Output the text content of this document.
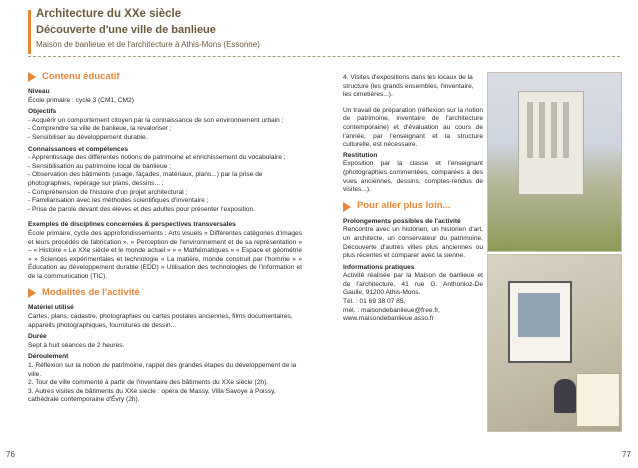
Architecture du XXe siècle
Découverte d'une ville de banlieue
Maison de banlieue et de l'architecture à Athis-Mons (Essonne)
Contenu éducatif

Niveau

École primaire : cycle 3 (CM1, CM2)

Objectifs

- Acquérir un comportement citoyen par la connaissance de son environnement urbain ;

- Comprendre sa ville de banlieue, la revaloriser ;

- Sensibiliser au développement durable.

Connaissances et compétences

- Apprentissage des différentes notions de patrimoine et enrichissement du vocabulaire ;

- Sensibilisation au patrimoine local de banlieue ;

- Observation des bâtiments (usage, façades, matériaux, plans...) par la prise de photographies, repérage sur plans, dessins... ;

- Compréhension de l'histoire d'un projet architectural ;

- Familiarisation avec les méthodes scientifiques d'inventaire ;

- Prise de parole devant des élèves et des adultes pour présenter l'exposition.

Exemples de disciplines concernées & perspectives transversales

École primaire, cycle des approfondissements : Arts visuels « Différentes catégories d'images et leurs procédés de fabrication », « Perception de l'environnement et de sa représentation » – « Histoire « Le XXe siècle et le monde actuel » » « Mathématiques » « Espace et géométrie » » Sciences expérimentales et technologie « La matière, monde construit par l'homme » » Éducation au développement durable (EDD) » Utilisation des technologies de l'information et de la communication (TIC).

Modalités de l'activité

Matériel utilisé

Cartes, plans, cadastre, photographies ou cartes postales anciennes, films documentaires, appareils photographiques, fournitures de dessin...

Durée

Sept à huit séances de 2 heures.

Déroulement

1. Réflexion sur la notion de patrimoine, rappel des grandes étapes du développement de la ville.

2. Tour de ville commenté à partir de l'inventaire des bâtiments du XXe siècle (2h).

3. Autres visites de bâtiments du XXe siècle : opéra de Massy, Villa Savoye à Poissy, cathédrale contemporaine d'Évry (2h).

4. Visites d'expositions dans les locaux de la structure (les grands ensembles, l'inventaire, les cimetières...).

Un travail de préparation (réflexion sur la notion de patrimoine, inventaire de l'architecture contemporaine) et d'évaluation au cours de l'année, par l'enseignant et la structure culturelle, est nécessaire.

Restitution

Exposition par la classe et l'enseignant (photographies commentées, comparées à des vues anciennes, dessins, comptes-rendus de visites...).

Pour aller plus loin...

Prolongements possibles de l'activité

Rencontre avec un historien, un historien d'art, un architecte, un conservateur du patrimoine. Découverte d'autres villes plus anciennes ou plus récentes et comparer avec la sienne.

Informations pratiques

Activité réalisée par la Maison de banlieue et de l'architecture, 41 rue G. Anthonioz-De Gaulle, 91200 Athis-Mons.

Tél. : 01 69 38 07 85,

mél. : maisondebanlieue@free.fr,

www.maisondebanlieue.asso.fr

76	77
